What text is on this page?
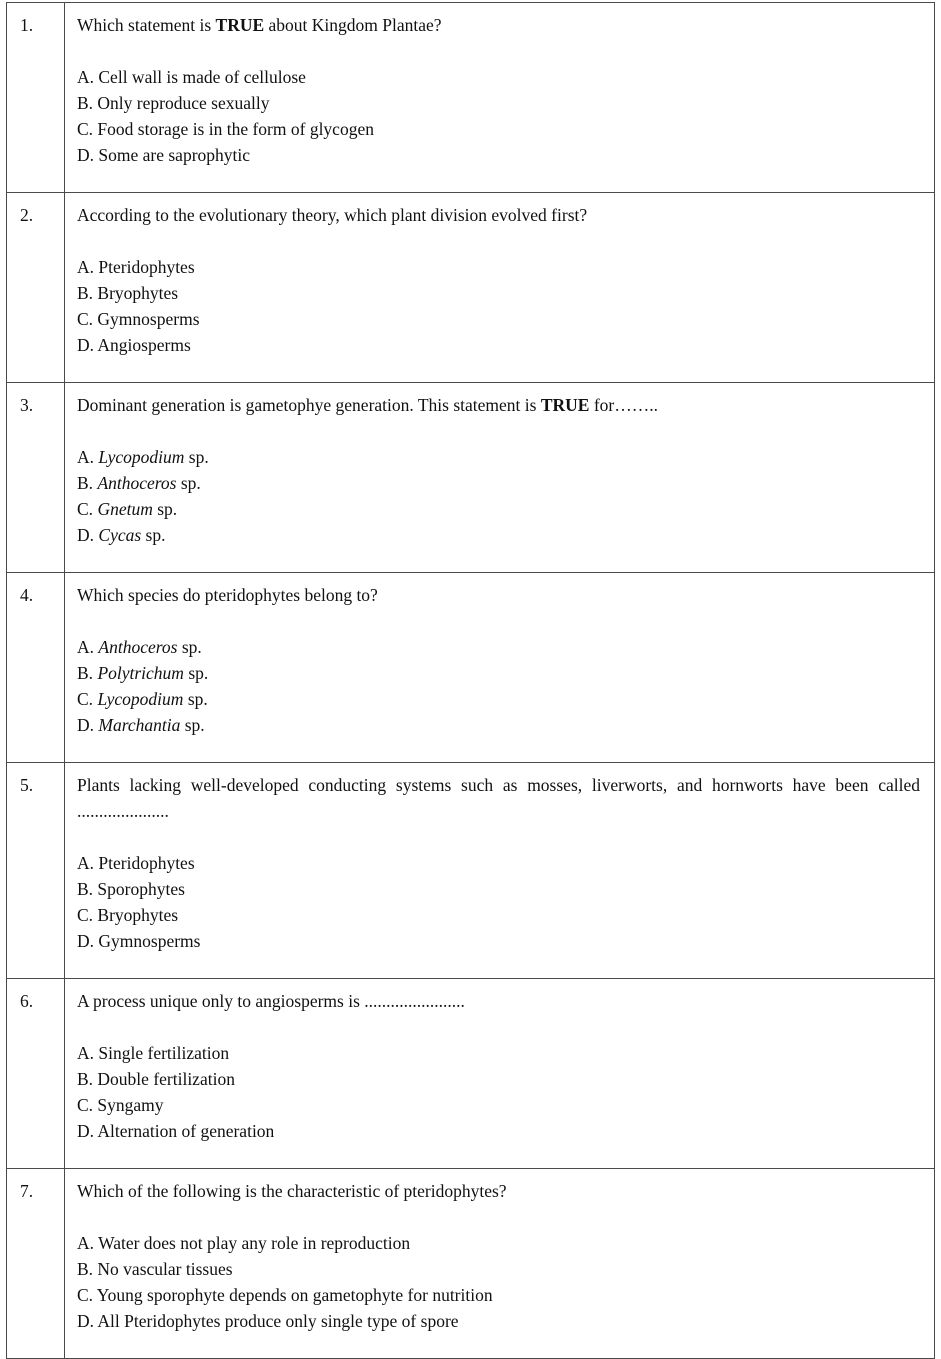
1.	Which statement is TRUE about Kingdom Plantae?
A. Cell wall is made of cellulose
B. Only reproduce sexually
C. Food storage is in the form of glycogen
D. Some are saprophytic

2.	According to the evolutionary theory, which plant division evolved first?
A. Pteridophytes
B. Bryophytes
C. Gymnosperms
D. Angiosperms

3.	Dominant generation is gametophye generation. This statement is TRUE for……..
A. Lycopodium sp.
B. Anthoceros sp.
C. Gnetum sp.
D. Cycas sp.

4.	Which species do pteridophytes belong to?
A. Anthoceros sp.
B. Polytrichum sp.
C. Lycopodium sp.
D. Marchantia sp.

5.	Plants lacking well-developed conducting systems such as mosses, liverworts, and hornworts have been called .....................
A. Pteridophytes
B. Sporophytes
C. Bryophytes
D. Gymnosperms

6.	A process unique only to angiosperms is .......................
A. Single fertilization
B. Double fertilization
C. Syngamy
D. Alternation of generation

7.	Which of the following is the characteristic of pteridophytes?
A. Water does not play any role in reproduction
B. No vascular tissues
C. Young sporophyte depends on gametophyte for nutrition
D. All Pteridophytes produce only single type of spore
